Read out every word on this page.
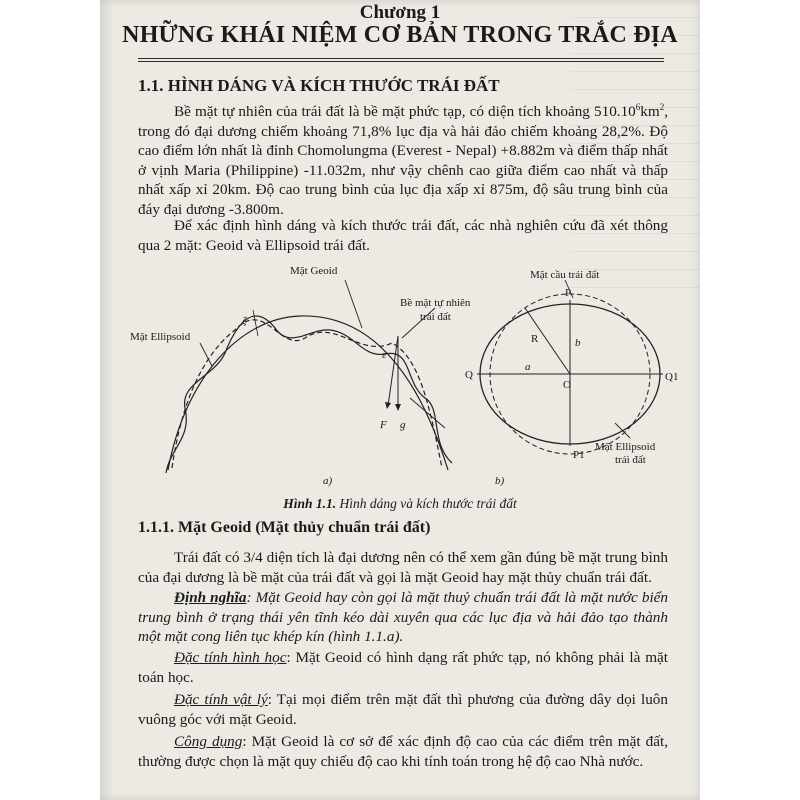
Chương 1
NHỮNG KHÁI NIỆM CƠ BẢN TRONG TRẮC ĐỊA
1.1. HÌNH DÁNG VÀ KÍCH THƯỚC TRÁI ĐẤT
Bề mặt tự nhiên của trái đất là bề mặt phức tạp, có diện tích khoảng $510.10^6km^2$, trong đó đại dương chiếm khoảng 71,8% lục địa và hải đảo chiếm khoảng 28,2%. Độ cao điểm lớn nhất là đỉnh Chomolungma (Everest - Nepal) +8.882m và điểm thấp nhất ở vịnh Maria (Philippine) -11.032m, như vậy chênh cao giữa điểm cao nhất và thấp nhất xấp xỉ 20km. Độ cao trung bình của lục địa xấp xỉ 875m, độ sâu trung bình của đáy đại dương -3.800m.
Để xác định hình dáng và kích thước trái đất, các nhà nghiên cứu đã xét thông qua 2 mặt: Geoid và Ellipsoid trái đất.
Mặt Geoid
Bề mặt tự nhiên
trái đất
Mặt Ellipsoid
ζ
ε
F g
a)
Mặt cầu trái đất
P
P1
Q	Q1
O
R
a
b
Mặt Ellipsoid
trái đất
b)
Hình 1.1. Hình dáng và kích thước trái đất
1.1.1. Mặt Geoid (Mặt thủy chuẩn trái đất)
Trái đất có 3/4 diện tích là đại dương nên có thể xem gần đúng bề mặt trung bình của đại dương là bề mặt của trái đất và gọi là mặt Geoid hay mặt thủy chuẩn trái đất.
Định nghĩa: Mặt Geoid hay còn gọi là mặt thuỷ chuẩn trái đất là mặt nước biển trung bình ở trạng thái yên tĩnh kéo dài xuyên qua các lục địa và hải đảo tạo thành một mặt cong liên tục khép kín (hình 1.1.a).
Đặc tính hình học: Mặt Geoid có hình dạng rất phức tạp, nó không phải là mặt toán học.
Đặc tính vật lý: Tại mọi điểm trên mặt đất thì phương của đường dây dọi luôn vuông góc với mặt Geoid.
Công dụng: Mặt Geoid là cơ sở để xác định độ cao của các điểm trên mặt đất, thường được chọn là mặt quy chiếu độ cao khi tính toán trong hệ độ cao Nhà nước.
